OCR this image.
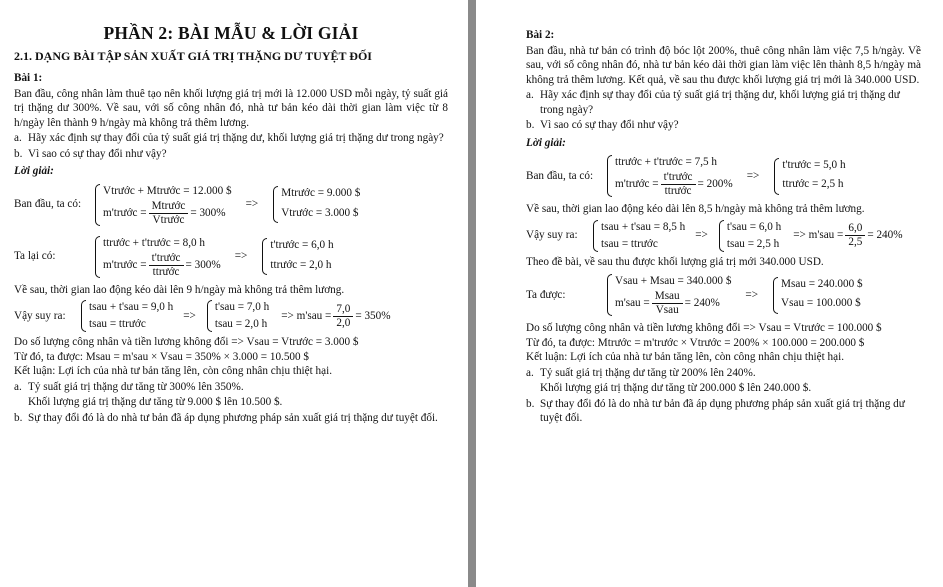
PHẦN 2: BÀI MẪU & LỜI GIẢI
2.1. DẠNG BÀI TẬP SẢN XUẤT GIÁ TRỊ THẶNG DƯ TUYỆT ĐỐI
Bài 1:

Ban đầu, công nhân làm thuê tạo nên khối lượng giá trị mới là 12.000 USD mỗi ngày, tỷ suất giá trị thặng dư 300%. Về sau, với số công nhân đó, nhà tư bản kéo dài thời gian làm việc từ 8 h/ngày lên thành 9 h/ngày mà không trả thêm lương.

a. Hãy xác định sự thay đổi của tỷ suất giá trị thặng dư, khối lượng giá trị thặng dư trong ngày?
b. Vì sao có sự thay đổi như vậy?
Lời giải:
Ban đầu, ta có:
Vtrước + Mtrước = 12.000 $
m'trước = $\frac{\text{Mtrước}}{\text{Vtrước}} = 300\%$
=>
Mtrước = 9.000 $
Vtrước = 3.000 $
Ta lại có:
ttrước + t'trước = 8,0 h
m'trước = $\frac{\text{t'trước}}{\text{ttrước}} = 300\%$
=>
t'trước = 6,0 h
ttrước = 2,0 h

Về sau, thời gian lao động kéo dài lên 9 h/ngày mà không trả thêm lương.

Vậy suy ra:
tsau + t'sau = 9,0 h
tsau = ttrước
=>
t'sau = 7,0 h
tsau = 2,0 h
=> $m'sau = \frac{7,0}{2,0} = 350\%$

Do số lượng công nhân và tiền lương không đổi => Vsau = Vtrước = 3.000 $

Từ đó, ta được: Msau = m'sau × Vsau = 350% × 3.000 = 10.500 $

Kết luận: Lợi ích của nhà tư bản tăng lên, còn công nhân chịu thiệt hại.

a. Tỷ suất giá trị thặng dư tăng từ 300% lên 350%.

Khối lượng giá trị thặng dư tăng từ 9.000 $ lên 10.500 $.

b. Sự thay đổi đó là do nhà tư bản đã áp dụng phương pháp sản xuất giá trị thặng dư tuyệt đối.
Bài 2:

Ban đầu, nhà tư bản có trình độ bóc lột 200%, thuê công nhân làm việc 7,5 h/ngày. Về sau, với số công nhân đó, nhà tư bản kéo dài thời gian làm việc lên thành 8,5 h/ngày mà không trả thêm lương. Kết quả, về sau thu được khối lượng giá trị mới là 340.000 USD.

a. Hãy xác định sự thay đổi của tỷ suất giá trị thặng dư, khối lượng giá trị thặng dư trong ngày?
b. Vì sao có sự thay đổi như vậy?
Lời giải:
Ban đầu, ta có:
ttrước + t'trước = 7,5 h
m'trước = $\frac{\text{t'trước}}{\text{ttrước}} = 200\%$
=>
t'trước = 5,0 h
ttrước = 2,5 h

Về sau, thời gian lao động kéo dài lên 8,5 h/ngày mà không trả thêm lương.

Vậy suy ra:
tsau + t'sau = 8,5 h
tsau = ttrước
=>
t'sau = 6,0 h
tsau = 2,5 h
=> $m'sau = \frac{6,0}{2,5} = 240\%$

Theo đề bài, về sau thu được khối lượng giá trị mới 340.000 USD.

Ta được:
Vsau + Msau = 340.000 $
$m'sau = \frac{\text{Msau}}{\text{Vsau}} = 240\%$
=>
Msau = 240.000 $
Vsau = 100.000 $

Do số lượng công nhân và tiền lương không đổi => Vsau = Vtrước = 100.000 $

Từ đó, ta được: Mtrước = m'trước × Vtrước = 200% × 100.000 = 200.000 $

Kết luận: Lợi ích của nhà tư bản tăng lên, còn công nhân chịu thiệt hại.

a. Tỷ suất giá trị thặng dư tăng từ 200% lên 240%.

Khối lượng giá trị thặng dư tăng từ 200.000 $ lên 240.000 $.

b. Sự thay đổi đó là do nhà tư bản đã áp dụng phương pháp sản xuất giá trị thặng dư tuyệt đối.
